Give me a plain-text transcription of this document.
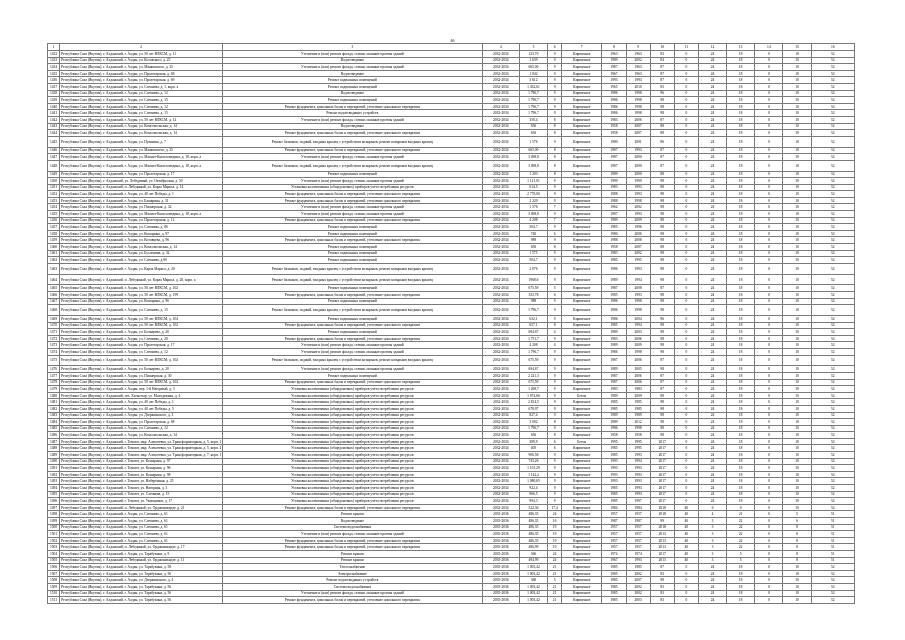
46
1	2	3	4	5	6	7	8	9	10	11	12	13	14	15	16
1432	Республика Саха (Якутия), г. Алданский, г. Алдан, ул. 50 лет ВЛКСМ, д. 11	Утепление и (или) ремонт фасада, ставни, оконные проемы зданий	2032-2034	123,70	9	Кирпичное	1963	1963	83	0	24	18	0	10	52
1433	Республика Саха (Якутия), г. Алданский, г. Алдан, ул. Котовского, д. 25	Водоотведение	2032-2034	1 639	9	Кирпичное	1989	2002	84	0	24	18	0	10	52
1434	Республика Саха (Якутия), г. Алданский, г. Алдан, ул. Маяковского, д. 25	Утепление и (или) ремонт фасада, ставни, оконные проемы зданий	2032-2034	665,00	9	Кирпичное	1987	1963	87	0	24	18	0	10	52
1435	Республика Саха (Якутия), г. Алданский, г. Алдан, ул. Пролетарская, д. 68	Водоотведение	2032-2034	1 842	9	Кирпичное	1967	1963	87	0	24	18	0	10	52
1436	Республика Саха (Якутия), г. Алданский, г. Алдан, ул. Пролетарская, д. 69	Ремонт подвальных помещений	2032-2034	3 612	9	Кирпичное	1993	1993	87	0	24	18	0	10	52
1437	Республика Саха (Якутия), г. Алданский, г. Алдан, ул. Слепнева, д. 1, корп. а	Ремонт подвальных помещений	2032-2034	1 432,61	9	Кирпичное	1965	2010	83	0	24	18	0	10	52
1438	Республика Саха (Якутия), г. Алданский, г. Алдан, ул. Слепнева, д. 12	Водоотведение	2032-2034	1 796,7	9	Кирпичное	1986	1998	96	0	24	18	0	10	52
1439	Республика Саха (Якутия), г. Алданский, г. Алдан, ул. Слепнева, д. 15	Ремонт подвальных помещений	2032-2034	1 796,7	9	Кирпичное	1986	1998	98	0	24	18	0	10	52
1440	Республика Саха (Якутия), г. Алданский, г. Алдан, ул. Слепнева, д. 12	Ремонт фундамента, цокольных балок и перекрытий, утепление цокольного перекрытия	2032-2034	1 796,7	9	Кирпичное	1986	1998	98	0	24	18	0	10	52
1441	Республика Саха (Якутия), г. Алданский, г. Алдан, ул. Слепнева, д. 15	Ремонт водоотводящих устройств	2032-2034	1 796,7	9	Кирпичное	1986	1998	98	0	24	18	0	10	52
1442	Республика Саха (Якутия), г. Алданский, г. Алдан, ул. 50 лет ВЛКСМ, д. 12	Утепление и (или) ремонт фасада, ставни, оконные проемы зданий	2032-2034	350,4	8	Кирпичное	1983	2006	87	0	24	18	0	10	52
1443	Республика Саха (Якутия), г. Алданский, г. Алдан, ул. Комсомольская, д. 14	Водоотведение	2032-2034	656	8	Кирпичное	1958	2007	88	0	24	18	0	10	52
1444	Республика Саха (Якутия), г. Алданский, г. Алдан, ул. Комсомольская, д. 14	Ремонт фундамента, цокольных балок и перекрытий, утепление цокольного перекрытия	2032-2034	656	8	Кирпичное	1958	2007	88	0	24	18	0	10	52
1445	Республика Саха (Якутия), г. Алданский, г. Алдан, ул. Пушкина, д. 7	Ремонт балконов, лоджий, входных крылец с устройством козырьков, ремонт козырьков входных крылец	2032-2034	1 576	9	Кирпичное	1980	2001	86	0	24	18	0	10	52
1446	Республика Саха (Якутия), г. Алданский, г. Алдан, ул. Маяковского, д. 25	Ремонт фундамента, цокольных балок и перекрытий, утепление цокольного перекрытия	2032-2034	665,00	8	Кирпичное	1987	1993	87	0	24	18	0	10	52
1447	Республика Саха (Якутия), г. Алданский, г. Алдан, ул. Магнит-Кнопломедина, д. 18, корп. а	Утепление и (или) ремонт фасада, ставни, оконные проемы зданий	2032-2034	3 498,8	8	Кирпичное	1987	2000	87	0	24	18	0	10	52
1448	Республика Саха (Якутия), г. Алданский, г. Алдан, ул. Магнит-Кнопломедина, д. 18, корп. а	Ремонт балконов, лоджий, входных крылец с устройством козырьков, ремонт козырьков входных крылец	2032-2034	3 498,8	8	Кирпичное	1987	2000	87	0	24	18	0	10	52
1449	Республика Саха (Якутия), г. Алданский, г. Алдан, ул. Пролетарская, д. 17	Ремонт подвальных помещений	2032-2034	1 203	8	Кирпичное	1989	2000	88	0	24	18	0	10	52
1450	Республика Саха (Якутия), г. Алданский, ул. Лебединый, ул. Октябрьская, д. 50	Утепление и (или) ремонт фасада, ставни, оконные проемы зданий	2032-2034	1 121,01	9	Кирпичное	1999	1999	98	0	24	18	0	10	52
1451	Республика Саха (Якутия), г. Алданский, п. Лебединый, ул. Карла Маркса, д. 14	Установка коллективных (общедомовых) приборов учета потребления ресурсов	2032-2034	614,5	9	Кирпичное	1983	1993	88	0	24	18	0	10	52
1452	Республика Саха (Якутия), г. Алданский, г. Алдан, ул. 40 лет Победы, д. 1	Ремонт фундамента, цокольных балок и перекрытий, утепление цокольного перекрытия	2032-2034	2 778,00	9	Кирпичное	1988	1993	98	0	24	18	0	10	52
1453	Республика Саха (Якутия), г. Алданский, г. Алдан, ул. Башарина, д. 31	Ремонт фундамента, цокольных балок и перекрытий, утепление цокольного перекрытия	2032-2034	2 220	9	Кирпичное	1988	1998	98	0	24	18	0	10	52
1454	Республика Саха (Якутия), г. Алданский, г. Алдан, ул. Пионерская, д. 32	Утепление и (или) ремонт фасада, ставни, оконные проемы зданий	2032-2034	1 576	7	Кирпичное	1962	2002	98	0	24	18	0	10	52
1455	Республика Саха (Якутия), г. Алданский, г. Алдан, ул. Магнит-Кнопломедина, д. 18, корп. а	Утепление и (или) ремонт фасада, ставни, оконные проемы зданий	2032-2034	3 498,8	9	Кирпичное	1987	1993	98	0	24	18	0	10	52
1456	Республика Саха (Якутия), г. Алданский, г. Алдан, ул. Пролетарская, д. 12	Ремонт фундамента, цокольных балок и перекрытий, утепление цокольного перекрытия	2032-2034	4 208	7	Кирпичное	1989	2009	98	0	24	18	0	10	52
1457	Республика Саха (Якутия), г. Алданский, г. Алдан, ул. Слепнева, д. 8б	Ремонт подвальных помещений	2032-2034	504,7	9	Кирпичное	1985	1996	98	0	24	18	0	10	52
1458	Республика Саха (Якутия), г. Алданский, г. Алдан, ул. Кошарина, д. 97	Ремонт подвальных помещений	2032-2034	740	6	Кирпичное	1980	2006	98	0	24	18	0	10	52
1459	Республика Саха (Якутия), г. Алданский, г. Алдан, ул. Котовцева, д. 96	Ремонт фундамента, цокольных балок и перекрытий, утепление цокольного перекрытия	2032-2034	989	9	Кирпичное	1988	2008	98	0	24	18	0	10	52
1460	Республика Саха (Якутия), г. Алданский, г. Алдан, ул. Комсомольская, д. 14	Ремонт подвальных помещений	2032-2034	656	8	Кирпичное	1958	2007	88	0	24	18	0	10	52
1461	Республика Саха (Якутия), г. Алданский, г. Алдан, ул. Бусленина, д. 32	Ремонт подвальных помещений	2032-2034	1 575	9	Кирпичное	1983	2002	98	0	24	18	0	10	52
1462	Республика Саха (Якутия), г. Алданский, г. Алдан, ул. Слепнева, д.8б	Ремонт подвальных помещений	2032-2034	504,7	9	Кирпичное	1985	1995	98	0	24	18	0	10	52
1463	Республика Саха (Якутия), г. Алданский, г. Алдан, ул. Карла Маркса, д. 20	Ремонт балконов, лоджий, входных крылец с устройством козырьков, ремонт козырьков входных крылец	2032-2034	2 076	9	Кирпичное	1986	1993	98	0	24	18	0	10	52
1464	Республика Саха (Якутия), г. Алданский, п. Лебединый, ул. Карла Маркса, д. 20, корп. а	Ремонт балконов, лоджий, входных крылец с устройством козырьков, ремонт козырьков входных крылец	2032-2034	1968,6	9	Кирпичное	1989	1994	98	0	24	18	0	10	52
1465	Республика Саха (Якутия), г. Алданский, г. Алдан, ул. 50 лет ВЛКСМ, д. 102	Ремонт подвальных помещений	2032-2034	675,59	5	Кирпичное	1987	2008	87	0	24	18	0	10	52
1466	Республика Саха (Якутия), г. Алданский, г. Алдан, ул. 50 лет ВЛКСМ, д. 199	Ремонт фундамента, цокольных балок и перекрытий, утепление цокольного перекрытия	2032-2034	353,78	6	Кирпичное	1985	1993	98	0	24	18	0	10	52
1467	Республика Саха (Якутия), г. Алданский, г. Алдан, ул. Кошарина, д. 96	Ремонт подвальных помещений	2032-2034	989	9	Кирпичное	1986	1998	98	0	24	18	0	10	52
1468	Республика Саха (Якутия), г. Алданский, г. Алдан, ул. Слепнева, д. 15	Ремонт балконов, лоджий, входных крылец с устройством козырьков, ремонт козырьков входных крылец	2032-2034	1 796,7	9	Кирпичное	1986	1998	98	0	24	18	0	10	52
1469	Республика Саха (Якутия), г. Алданский, г. Алдан, ул. 50 лет ВЛКСМ, д. 104	Ремонт подвальных помещений	2032-2034	632,1	9	Кирпичное	1986	2004	96	0	24	18	0	10	52
1470	Республика Саха (Якутия), г. Алданский, г. Алдан, ул. 50 лет ВЛКСМ, д. 102	Ремонт фундамента, цокольных балок и перекрытий, утепление цокольного перекрытия	2032-2034	657,1	8	Кирпичное	1985	1994	98	0	24	18	0	10	52
1471	Республика Саха (Якутия), г. Алданский, г. Алдан, ул. Бочкарева, д. 20	Ремонт подвальных помещений	2032-2034	694,67	4	Кирпичное	1989	2003	98	0	24	18	0	10	52
1472	Республика Саха (Якутия), г. Алданский, г. Алдан, ул. Слепнева, д. 20	Ремонт фундамента, цокольных балок и перекрытий, утепление цокольного перекрытия	2032-2034	1 751,7	9	Кирпичное	1983	2006	98	0	24	18	0	10	52
1473	Республика Саха (Якутия), г. Алданский, г. Алдан, ул. Пролетарская, д. 17	Утепление и (или) ремонт фасада, ставни, оконные проемы зданий	2032-2034	4 208	4	Кирпичное	1989	2009	98	0	24	18	0	10	52
1474	Республика Саха (Якутия), г. Алданский, г. Алдан, ул. Слепнева, д. 12	Утепление и (или) ремонт фасада, ставни, оконные проемы зданий	2032-2034	1 796,7	9	Кирпичное	1986	1998	98	0	24	18	0	10	52
1475	Республика Саха (Якутия), г. Алданский, г. Алдан, ул. 50 лет ВЛКСМ, д. 102	Ремонт балконов, лоджий, входных крылец с устройством козырьков, ремонт козырьков входных крылец	2032-2034	675,59	9	Кирпичное	1987	2006	87	0	24	18	0	10	52
1476	Республика Саха (Якутия), г. Алданский, г. Алдан, ул. Бочкарева, д. 20	Утепление и (или) ремонт фасада, ставни, оконные проемы зданий	2032-2034	694,67	9	Кирпичное	1989	2005	98	0	24	18	0	10	52
1477	Республика Саха (Якутия), г. Алданский, г. Алдан, ул. Пионерская, д. 30	Ремонт подвальных помещений	2032-2034	2 221,3	9	Кирпичное	1987	2006	87	0	24	18	0	10	52
1478	Республика Саха (Якутия), г. Алданский, г. Алдан, ул. 50 лет ВЛКСМ, д. 102	Ремонт фундамента, цокольных балок и перекрытий, утепление цокольного перекрытия	2032-2034	675,59	9	Кирпичное	1987	2006	87	0	24	18	0	10	52
1479	Республика Саха (Якутия), г. Алданский, г. Алдан, пер. 1-й Нагорный, д. 3	Установка коллективных (общедомовых) приборов учета потребления ресурсов	2032-2034	1 268,7	9	Кирпичное	1983	1983	87	0	24	18	0	10	52
1480	Республика Саха (Якутия), г. Алданский, пгт. Хатыстыр, ул. Молодежная, д. 4	Установка коллективных (общедомовых) приборов учета потребления ресурсов	2032-2034	1 072,66	9	Бетон	1989	2009	88	0	24	18	0	10	52
1481	Республика Саха (Якутия), г. Алданский, г. Алдан, ул. 40 лет Победы, д. 1	Установка коллективных (общедомовых) приборов учета потребления ресурсов	2032-2034	2 814,5	9	Кирпичное	1985	1985	98	0	24	18	0	10	52
1482	Республика Саха (Якутия), г. Алданский, г. Алдан, ул. 40 лет Победы, д. 5	Установка коллективных (общедомовых) приборов учета потребления ресурсов	2032-2034	678,97	9	Кирпичное	1985	1985	98	0	24	18	0	10	52
1483	Республика Саха (Якутия), г. Алданский, г. Алдан, ул. Дзержинского, д. 3	Установка коллективных (общедомовых) приборов учета потребления ресурсов	2032-2034	827,4	9	Кирпичное	1989	1989	98	0	24	18	0	10	52
1484	Республика Саха (Якутия), г. Алданский, г. Алдан, ул. Пролетарская, д. 68	Установка коллективных (общедомовых) приборов учета потребления ресурсов	2032-2034	3 002	8	Кирпичное	1989	2012	98	0	24	18	0	10	52
1485	Республика Саха (Якутия), г. Алданский, г. Алдан, ул. Слепнева, д. 12	Установка коллективных (общедомовых) приборов учета потребления ресурсов	2032-2034	1 796,7	9	Кирпичное	1986	1998	98	0	24	18	0	10	52
1486	Республика Саха (Якутия), г. Алданский, г. Алдан, ул. Комсомольская, д. 14	Установка коллективных (общедомовых) приборов учета потребления ресурсов	2032-2034	656	8	Кирпичное	1958	1958	98	0	24	18	0	10	52
1487	Республика Саха (Якутия), г. Алданский, г. Томмот, мкр. Алексеевка, ул. Трансформаторная, д. 5, корп. 1	Установка коллективных (общедомовых) приборов учета потребления ресурсов	2032-2034	389,9	6	Бетон	1995	1995	2017	0	24	18	0	10	52
1488	Республика Саха (Якутия), г. Алданский, г. Томмот, мкр. Алексеевка, ул. Трансформаторная, д. 5, корп. 2	Установка коллективных (общедомовых) приборов учета потребления ресурсов	2032-2034	405	6	Кирпичное	1985	1995	2017	0	24	18	0	10	52
1489	Республика Саха (Якутия), г. Алданский, г. Томмот, мкр. Алексеевка, ул. Трансформаторная, д. 7, корп. 1	Установка коллективных (общедомовых) приборов учета потребления ресурсов	2032-2034	906,58	9	Кирпичное	1985	1993	2017	0	24	18	0	10	52
1490	Республика Саха (Якутия), г. Алданский, г. Томмот, ул. Кошарина, д. 97	Установка коллективных (общедомовых) приборов учета потребления ресурсов	2032-2034	743,26	9	Кирпичное	1993	1994	2017	0	24	18	0	10	52
1491	Республика Саха (Якутия), г. Алданский, г. Томмот, ул. Кошарина, д. 96	Установка коллективных (общедомовых) приборов учета потребления ресурсов	2032-2034	1 101,29	9	Кирпичное	1993	1993	2017	0	24	18	0	10	52
1492	Республика Саха (Якутия), г. Алданский, г. Томмот, ул. Кошарина, д. 98	Установка коллективных (общедомовых) приборов учета потребления ресурсов	2032-2034	1 142,2	9	Кирпичное	1993	1993	2017	0	24	18	0	10	52
1493	Республика Саха (Якутия), г. Алданский, г. Томмот, ул. Набережная, д. 25	Установка коллективных (общедомовых) приборов учета потребления ресурсов	2032-2034	1 080,65	9	Кирпичное	1993	1993	2017	0	24	18	0	10	52
1494	Республика Саха (Якутия), г. Алданский, г. Томмот, ул. Нагорная, д. 3	Установка коллективных (общедомовых) приборов учета потребления ресурсов	2032-2034	922,4	9	Кирпичное	1985	1993	2017	0	24	18	0	10	52
1495	Республика Саха (Якутия), г. Алданский, г. Томмот, ул. Слепнева, д. 15	Установка коллективных (общедомовых) приборов учета потребления ресурсов	2032-2034	966,5	9	Кирпичное	1985	1993	2017	0	24	18	0	10	52
1496	Республика Саха (Якутия), г. Алданский, г. Томмот, ул. Укопщиков, д. 17	Установка коллективных (общедомовых) приборов учета потребления ресурсов	2032-2034	994,3	9	Кирпичное	1985	1997	2017	0	24	18	0	10	52
1497	Республика Саха (Якутия), г. Алданский, п. Лебединый, ул. Орджоникидзе, д. 21	Ремонт фундамента, цокольных балок и перекрытий, утепление цокольного перекрытия	2032-2034	522,36	17,4	Кирпичное	1984	1984	2018	40	6	0	0	10	52
1498	Республика Саха (Якутия), г. Алданский, г. Алдан, ул. Слепнева, д. 61	Ремонт крыши	2035-2036	486,35	24	Кирпичное	1957	1957	2018	40	4	21	0	5	51
1499	Республика Саха (Якутия), г. Алданский, г. Алдан, ул. Слепнева, д. 61	Водоотведение	2035-2036	486,35	16	Кирпичное	1987	1987	99	40	3	22	0	6	51
1500	Республика Саха (Якутия), г. Алданский, г. Алдан, ул. Слепнева, д. 61	Система водоснабжения	2035-2036	486,35	19	Кирпичное	1957	1957	2018	40	3	22	0	8	51
1501	Республика Саха (Якутия), г. Алданский, г. Алдан, ул. Слепнева, д. 61	Утепление и (или) ремонт фасада, ставни, оконные проемы зданий	2035-2036	486,35	19	Кирпичное	1957	1957	2013	40	3	22	0	8	51
1502	Республика Саха (Якутия), г. Алданский, г. Алдан, ул. Слепнева, д. 61	Ремонт фундамента, цокольных балок и перекрытий, утепление цокольного перекрытия	2035-2036	486,35	19	Кирпичное	1957	1957	2013	40	3	22	0	8	51
1503	Республика Саха (Якутия), г. Алданский, п. Лебединый, ул. Орджоникидзе, д. 17	Ремонт фундамента, цокольных балок и перекрытий, утепление цокольного перекрытия	2035-2036	486,99	19	Кирпичное	1957	1957	2013	40	3	22	0	8	51
1504	Республика Саха (Якутия), г. Алданский, г. Алдан, ул. Тарабукина, д. 9	Ремонт крыши	2035-2036	366	24	Кирпичное	1974	1974	2017	40	3	5	0	8	51
1505	Республика Саха (Якутия), г. Алданский, п. Лебединый, ул. Орджоникидзе, д. 11	Ремонт крыши	2035-2036	494,99	24	Кирпичное	1967	1993	2013	40	3	5	0	8	51
1506	Республика Саха (Якутия), г. Алданский, г. Алдан, ул. Тарабукина, д. 58	Теплоснабжение	2035-2036	1 003,42	21	Кирпичное	1985	1985	87	0	24	18	0	10	52
1507	Республика Саха (Якутия), г. Алданский, г. Алдан, ул. Тарабукина, д. 56	Электроснабжение	2035-2036	1 003,42	21	Кирпичное	1985	2002	83	0	24	18	0	10	52
1508	Республика Саха (Якутия), г. Алданский, г. Алдан, ул. Дзержинского, д. 4	Ремонт водоотводящих устройств	2035-2036	360	5	Кирпичное	1985	2007	98	0	24	18	0	10	52
1509	Республика Саха (Якутия), г. Алданский, г. Алдан, ул. Тарабукина, д. 56	Система водоснабжения	2035-2036	1 003,42	21	Кирпичное	1985	2002	83	0	24	18	0	10	52
1510	Республика Саха (Якутия), г. Алданский, г. Алдан, ул. Тарабукина, д. 56	Утепление и (или) ремонт фасада, ставни, оконные проемы зданий	2035-2036	1 003,42	21	Кирпичное	1985	2002	83	0	24	18	0	10	52
1511	Республика Саха (Якутия), г. Алданский, г. Алдан, ул. Тарабукина, д. 56	Ремонт фундамента, цокольных балок и перекрытий, утепление цокольного перекрытия	2035-2036	1 003,42	21	Кирпичное	1985	2003	83	0	24	18	0	10	52
